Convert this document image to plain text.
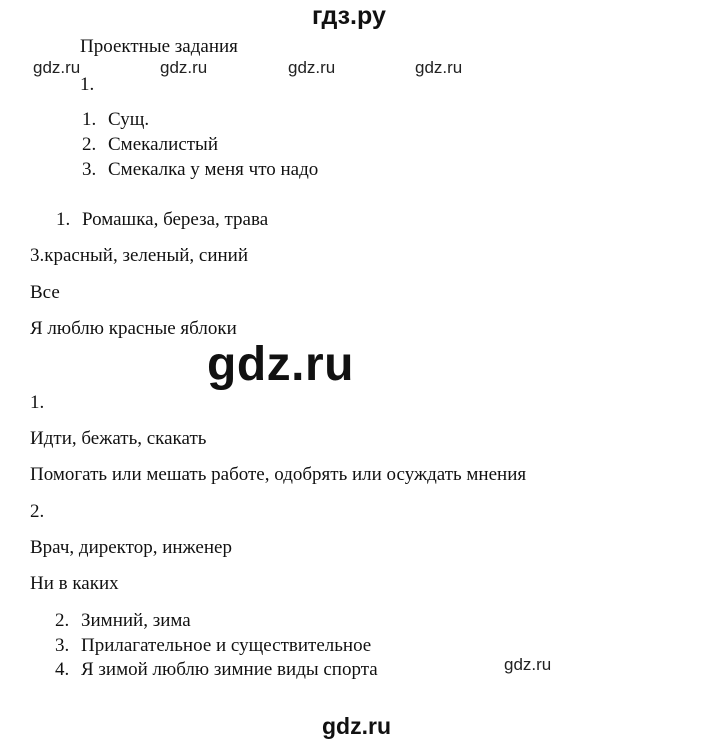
гдз.ру
Проектные задания
gdz.ru	gdz.ru	gdz.ru	gdz.ru
1.
1. Сущ.
2. Смекалистый
3. Смекалка у меня что надо
1. Ромашка, береза, трава
3.красный, зеленый, синий
Все
Я люблю красные яблоки
gdz.ru
1.
Идти, бежать, скакать
Помогать или мешать работе, одобрять или осуждать мнения
2.
Врач, директор, инженер
Ни в каких
2. Зимний, зима
3. Прилагательное и существительное
4. Я зимой люблю зимние виды спорта	gdz.ru
gdz.ru
